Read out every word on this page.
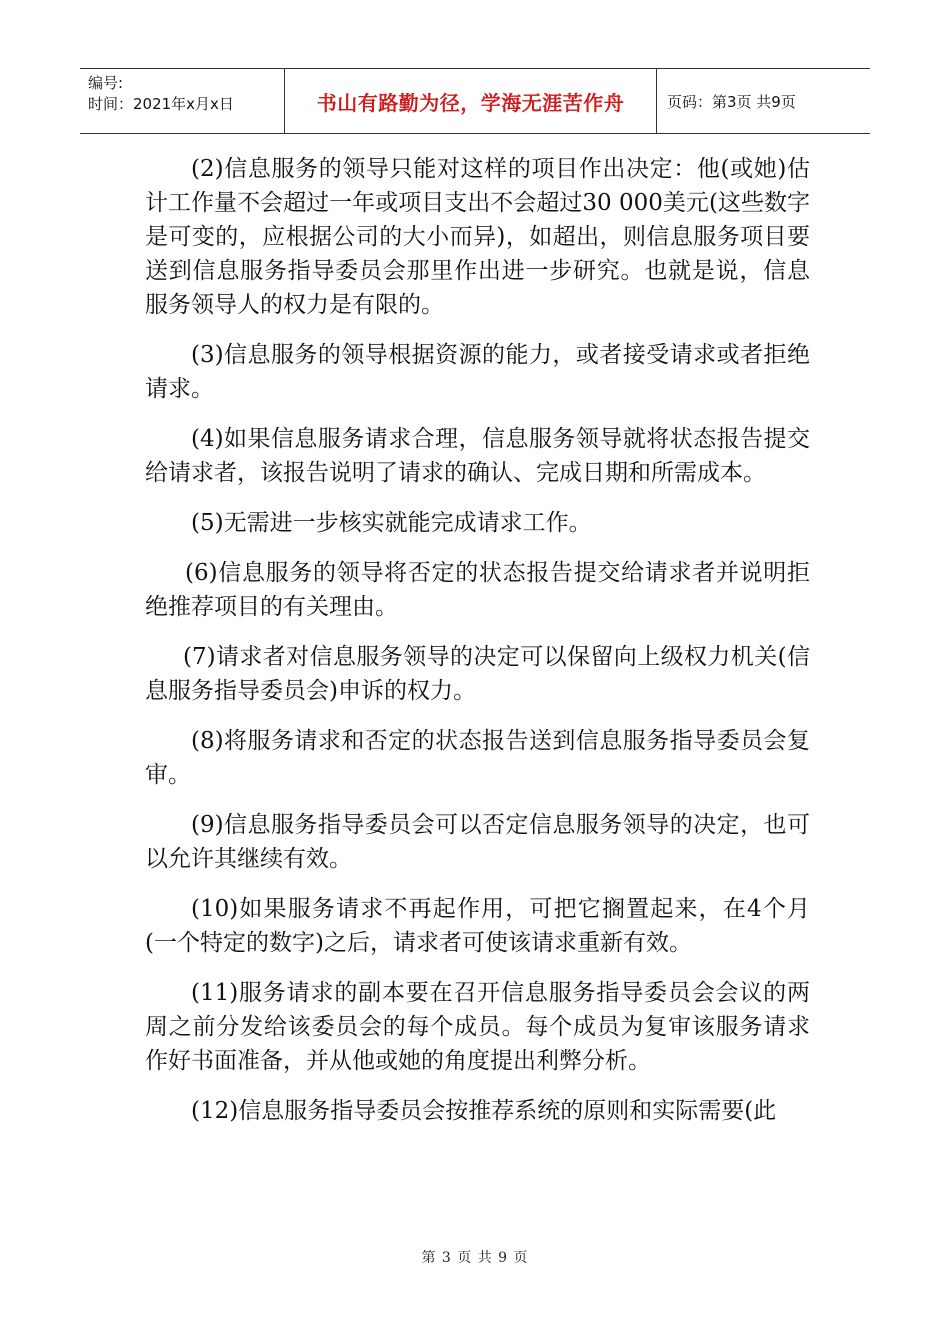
编号:
时间：2021年x月x日	书山有路勤为径，学海无涯苦作舟	页码：第3页 共9页

(2)信息服务的领导只能对这样的项目作出决定：他(或她)估计工作量不会超过一年或项目支出不会超过30 000美元(这些数字是可变的，应根据公司的大小而异)，如超出，则信息服务项目要送到信息服务指导委员会那里作出进一步研究。也就是说，信息服务领导人的权力是有限的。

(3)信息服务的领导根据资源的能力，或者接受请求或者拒绝请求。

(4)如果信息服务请求合理，信息服务领导就将状态报告提交给请求者，该报告说明了请求的确认、完成日期和所需成本。

(5)无需进一步核实就能完成请求工作。

(6)信息服务的领导将否定的状态报告提交给请求者并说明拒绝推荐项目的有关理由。

(7)请求者对信息服务领导的决定可以保留向上级权力机关(信息服务指导委员会)申诉的权力。

(8)将服务请求和否定的状态报告送到信息服务指导委员会复审。

(9)信息服务指导委员会可以否定信息服务领导的决定，也可以允许其继续有效。

(10)如果服务请求不再起作用，可把它搁置起来，在4个月(一个特定的数字)之后，请求者可使该请求重新有效。

(11)服务请求的副本要在召开信息服务指导委员会会议的两周之前分发给该委员会的每个成员。每个成员为复审该服务请求作好书面准备，并从他或她的角度提出利弊分析。

(12)信息服务指导委员会按推荐系统的原则和实际需要(此

第 3 页 共 9 页
